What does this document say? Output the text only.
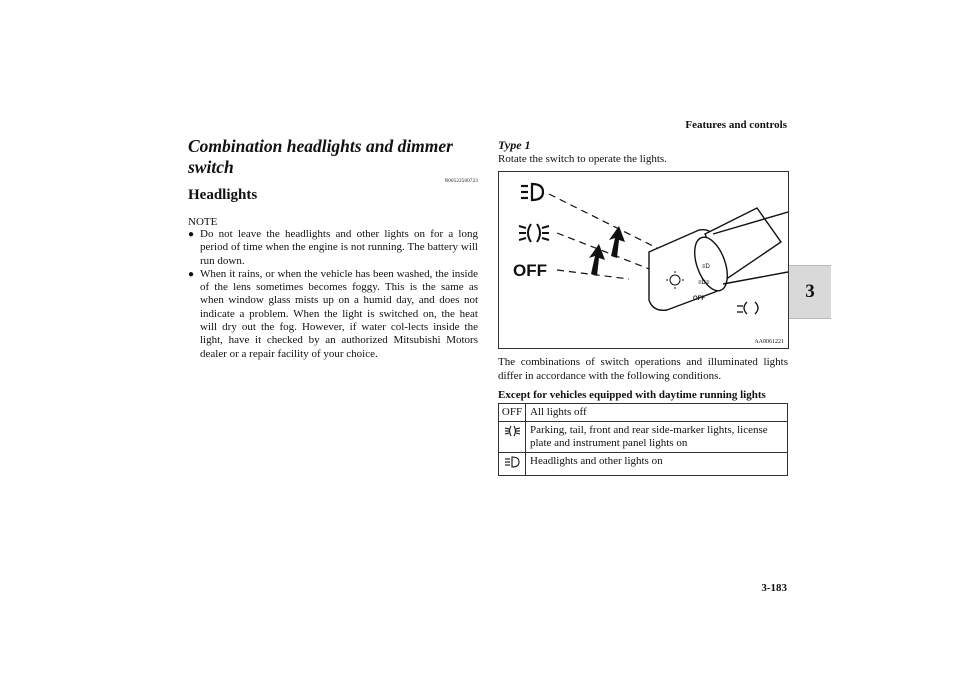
Features and controls
3
3-183
Combination headlights and dimmer switch
N00522500723
Headlights
NOTE
● Do not leave the headlights and other lights on for a long period of time when the engine is not running. The battery will run down.
● When it rains, or when the vehicle has been washed, the inside of the lens sometimes becomes foggy. This is the same as when window glass mists up on a humid day, and does not indicate a problem. When the light is switched on, the heat will dry out the fog. However, if water col-lects inside the light, have it checked by an authorized Mitsubishi Motors dealer or a repair facility of your choice.
Type 1
Rotate the switch to operate the lights.
OFF	≡D
≡D≡
OFF
AA0061221
The combinations of switch operations and illuminated lights differ in accordance with the following conditions.
Except for vehicles equipped with daytime running lights
OFF	All lights off
	Parking, tail, front and rear side-marker lights, license plate and instrument panel lights on
	Headlights and other lights on
